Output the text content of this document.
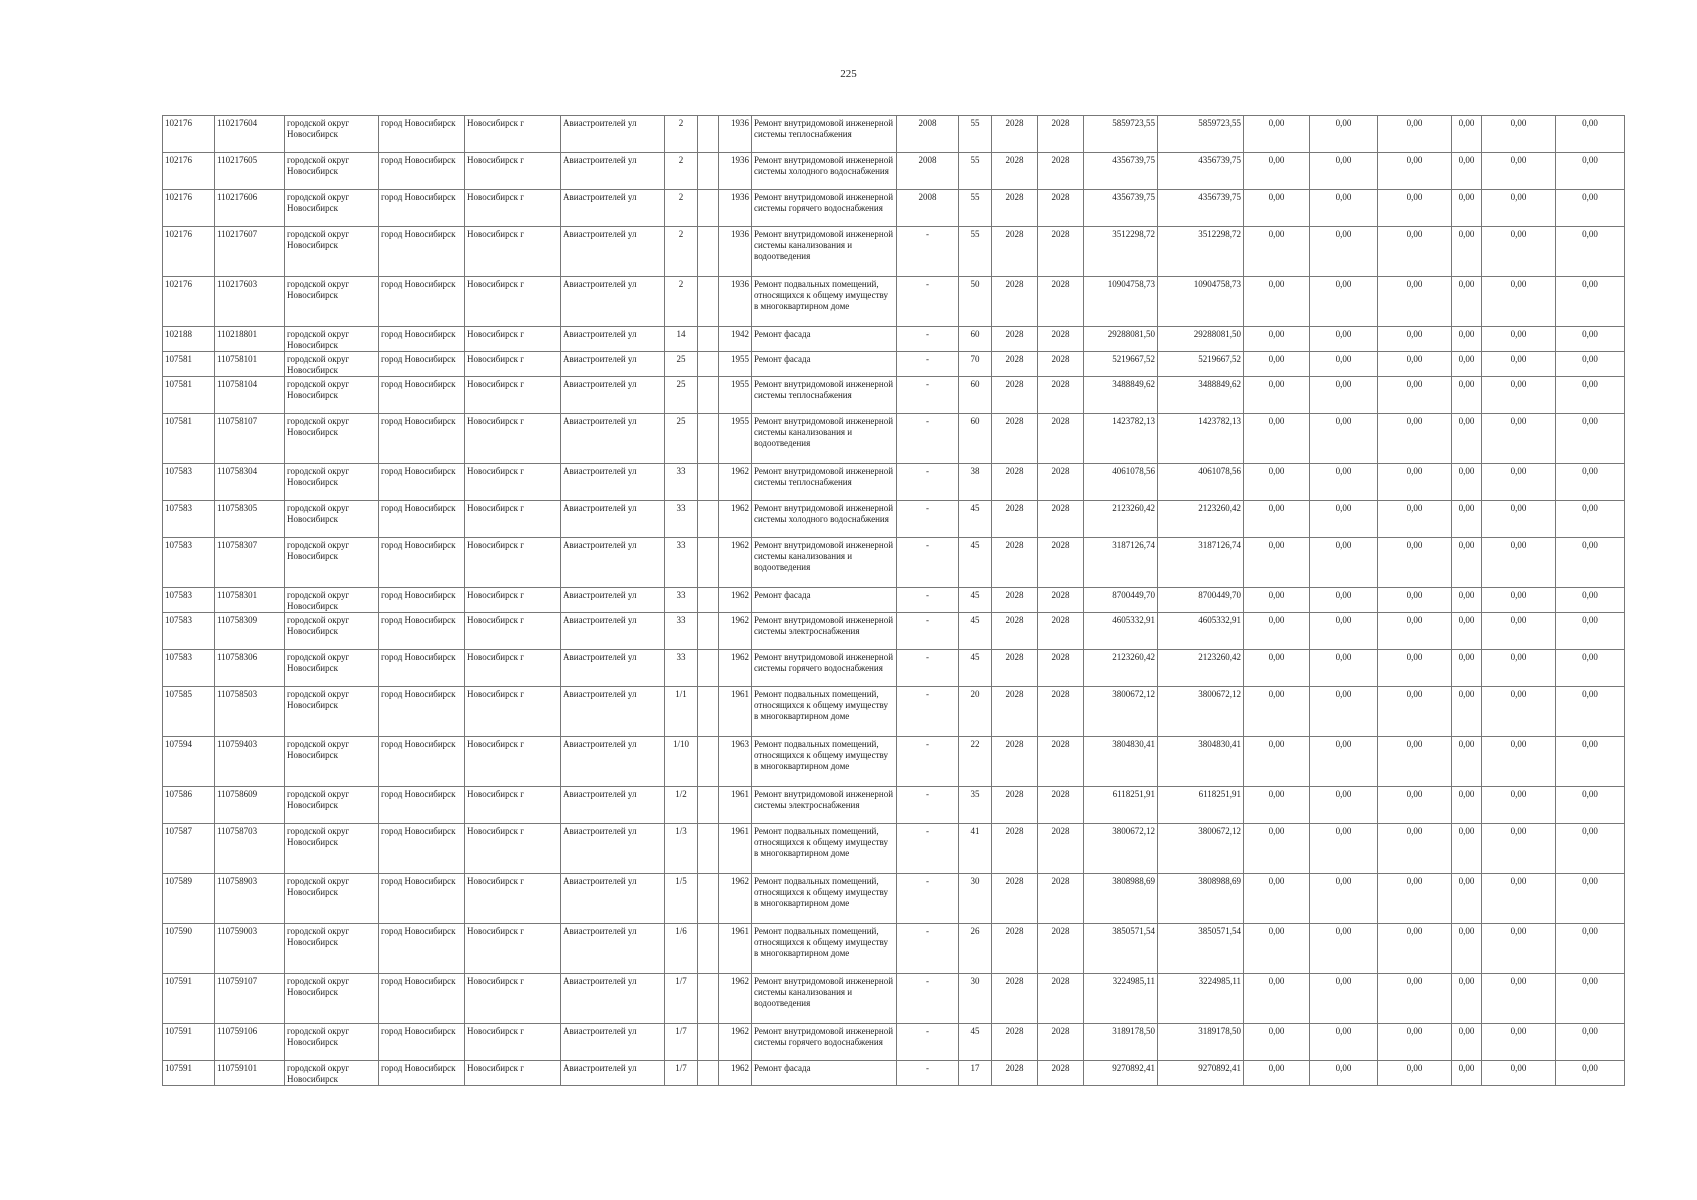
225
102176	110217604	городской округ Новосибирск	город Новосибирск	Новосибирск г	Авиастроителей ул	2		1936	Ремонт внутридомовой инженерной системы теплоснабжения	2008	55	2028	2028	5859723,55	5859723,55	0,00	0,00	0,00	0,00	0,00	0,00
102176	110217605	городской округ Новосибирск	город Новосибирск	Новосибирск г	Авиастроителей ул	2		1936	Ремонт внутридомовой инженерной системы холодного водоснабжения	2008	55	2028	2028	4356739,75	4356739,75	0,00	0,00	0,00	0,00	0,00	0,00
102176	110217606	городской округ Новосибирск	город Новосибирск	Новосибирск г	Авиастроителей ул	2		1936	Ремонт внутридомовой инженерной системы горячего водоснабжения	2008	55	2028	2028	4356739,75	4356739,75	0,00	0,00	0,00	0,00	0,00	0,00
102176	110217607	городской округ Новосибирск	город Новосибирск	Новосибирск г	Авиастроителей ул	2		1936	Ремонт внутридомовой инженерной системы канализования и водоотведения	-	55	2028	2028	3512298,72	3512298,72	0,00	0,00	0,00	0,00	0,00	0,00
102176	110217603	городской округ Новосибирск	город Новосибирск	Новосибирск г	Авиастроителей ул	2		1936	Ремонт подвальных помещений, относящихся к общему имуществу в многоквартирном доме	-	50	2028	2028	10904758,73	10904758,73	0,00	0,00	0,00	0,00	0,00	0,00
102188	110218801	городской округ Новосибирск	город Новосибирск	Новосибирск г	Авиастроителей ул	14		1942	Ремонт фасада	-	60	2028	2028	29288081,50	29288081,50	0,00	0,00	0,00	0,00	0,00	0,00
107581	110758101	городской округ Новосибирск	город Новосибирск	Новосибирск г	Авиастроителей ул	25		1955	Ремонт фасада	-	70	2028	2028	5219667,52	5219667,52	0,00	0,00	0,00	0,00	0,00	0,00
107581	110758104	городской округ Новосибирск	город Новосибирск	Новосибирск г	Авиастроителей ул	25		1955	Ремонт внутридомовой инженерной системы теплоснабжения	-	60	2028	2028	3488849,62	3488849,62	0,00	0,00	0,00	0,00	0,00	0,00
107581	110758107	городской округ Новосибирск	город Новосибирск	Новосибирск г	Авиастроителей ул	25		1955	Ремонт внутридомовой инженерной системы канализования и водоотведения	-	60	2028	2028	1423782,13	1423782,13	0,00	0,00	0,00	0,00	0,00	0,00
107583	110758304	городской округ Новосибирск	город Новосибирск	Новосибирск г	Авиастроителей ул	33		1962	Ремонт внутридомовой инженерной системы теплоснабжения	-	38	2028	2028	4061078,56	4061078,56	0,00	0,00	0,00	0,00	0,00	0,00
107583	110758305	городской округ Новосибирск	город Новосибирск	Новосибирск г	Авиастроителей ул	33		1962	Ремонт внутридомовой инженерной системы холодного водоснабжения	-	45	2028	2028	2123260,42	2123260,42	0,00	0,00	0,00	0,00	0,00	0,00
107583	110758307	городской округ Новосибирск	город Новосибирск	Новосибирск г	Авиастроителей ул	33		1962	Ремонт внутридомовой инженерной системы канализования и водоотведения	-	45	2028	2028	3187126,74	3187126,74	0,00	0,00	0,00	0,00	0,00	0,00
107583	110758301	городской округ Новосибирск	город Новосибирск	Новосибирск г	Авиастроителей ул	33		1962	Ремонт фасада	-	45	2028	2028	8700449,70	8700449,70	0,00	0,00	0,00	0,00	0,00	0,00
107583	110758309	городской округ Новосибирск	город Новосибирск	Новосибирск г	Авиастроителей ул	33		1962	Ремонт внутридомовой инженерной системы электроснабжения	-	45	2028	2028	4605332,91	4605332,91	0,00	0,00	0,00	0,00	0,00	0,00
107583	110758306	городской округ Новосибирск	город Новосибирск	Новосибирск г	Авиастроителей ул	33		1962	Ремонт внутридомовой инженерной системы горячего водоснабжения	-	45	2028	2028	2123260,42	2123260,42	0,00	0,00	0,00	0,00	0,00	0,00
107585	110758503	городской округ Новосибирск	город Новосибирск	Новосибирск г	Авиастроителей ул	1/1		1961	Ремонт подвальных помещений, относящихся к общему имуществу в многоквартирном доме	-	20	2028	2028	3800672,12	3800672,12	0,00	0,00	0,00	0,00	0,00	0,00
107594	110759403	городской округ Новосибирск	город Новосибирск	Новосибирск г	Авиастроителей ул	1/10		1963	Ремонт подвальных помещений, относящихся к общему имуществу в многоквартирном доме	-	22	2028	2028	3804830,41	3804830,41	0,00	0,00	0,00	0,00	0,00	0,00
107586	110758609	городской округ Новосибирск	город Новосибирск	Новосибирск г	Авиастроителей ул	1/2		1961	Ремонт внутридомовой инженерной системы электроснабжения	-	35	2028	2028	6118251,91	6118251,91	0,00	0,00	0,00	0,00	0,00	0,00
107587	110758703	городской округ Новосибирск	город Новосибирск	Новосибирск г	Авиастроителей ул	1/3		1961	Ремонт подвальных помещений, относящихся к общему имуществу в многоквартирном доме	-	41	2028	2028	3800672,12	3800672,12	0,00	0,00	0,00	0,00	0,00	0,00
107589	110758903	городской округ Новосибирск	город Новосибирск	Новосибирск г	Авиастроителей ул	1/5		1962	Ремонт подвальных помещений, относящихся к общему имуществу в многоквартирном доме	-	30	2028	2028	3808988,69	3808988,69	0,00	0,00	0,00	0,00	0,00	0,00
107590	110759003	городской округ Новосибирск	город Новосибирск	Новосибирск г	Авиастроителей ул	1/6		1961	Ремонт подвальных помещений, относящихся к общему имуществу в многоквартирном доме	-	26	2028	2028	3850571,54	3850571,54	0,00	0,00	0,00	0,00	0,00	0,00
107591	110759107	городской округ Новосибирск	город Новосибирск	Новосибирск г	Авиастроителей ул	1/7		1962	Ремонт внутридомовой инженерной системы канализования и водоотведения	-	30	2028	2028	3224985,11	3224985,11	0,00	0,00	0,00	0,00	0,00	0,00
107591	110759106	городской округ Новосибирск	город Новосибирск	Новосибирск г	Авиастроителей ул	1/7		1962	Ремонт внутридомовой инженерной системы горячего водоснабжения	-	45	2028	2028	3189178,50	3189178,50	0,00	0,00	0,00	0,00	0,00	0,00
107591	110759101	городской округ Новосибирск	город Новосибирск	Новосибирск г	Авиастроителей ул	1/7		1962	Ремонт фасада	-	17	2028	2028	9270892,41	9270892,41	0,00	0,00	0,00	0,00	0,00	0,00
